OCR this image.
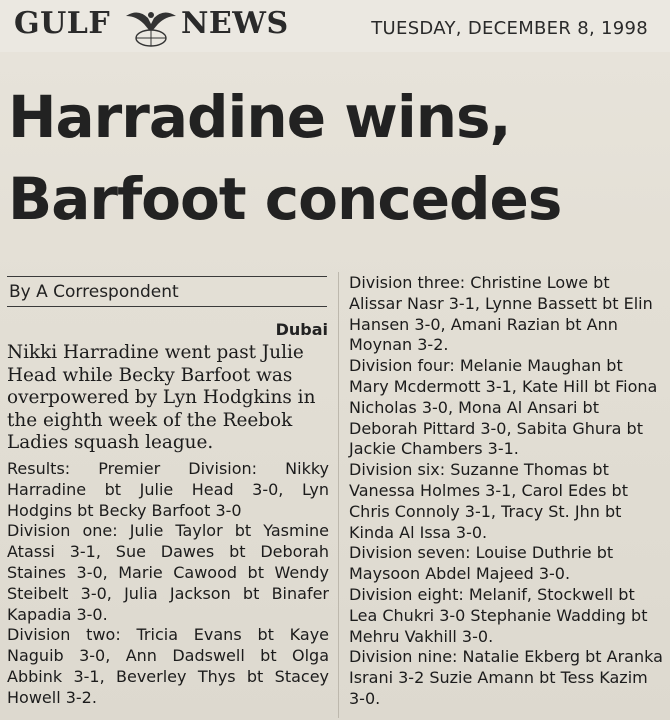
GULF NEWS	TUESDAY, DECEMBER 8, 1998
Harradine wins, Barfoot concedes
By A Correspondent
Dubai
Nikki Harradine went past Julie Head while Becky Barfoot was overpowered by Lyn Hodgkins in the eighth week of the Reebok Ladies squash league.

Results: Premier Division: Nikky Harradine bt Julie Head 3-0, Lyn Hodgins bt Becky Barfoot 3-0

Division one: Julie Taylor bt Yasmine Atassi 3-1, Sue Dawes bt Deborah Staines 3-0, Marie Cawood bt Wendy Steibelt 3-0, Julia Jackson bt Binafer Kapadia 3-0.

Division two: Tricia Evans bt Kaye Naguib 3-0, Ann Dadswell bt Olga Abbink 3-1, Beverley Thys bt Stacey Howell 3-2.

Division three: Christine Lowe bt Alissar Nasr 3-1, Lynne Bassett bt Elin Hansen 3-0, Amani Razian bt Ann Moynan 3-2.

Division four: Melanie Maughan bt Mary Mcdermott 3-1, Kate Hill bt Fiona Nicholas 3-0, Mona Al Ansari bt Deborah Pittard 3-0, Sabita Ghura bt Jackie Chambers 3-1.

Division six: Suzanne Thomas bt Vanessa Holmes 3-1, Carol Edes bt Chris Connoly 3-1, Tracy St. Jhn bt Kinda Al Issa 3-0.

Division seven: Louise Duthrie bt Maysoon Abdel Majeed 3-0.

Division eight: Melanif, Stockwell bt Lea Chukri 3-0 Stephanie Wadding bt Mehru Vakhill 3-0.

Division nine: Natalie Ekberg bt Aranka Israni 3-2 Suzie Amann bt Tess Kazim 3-0.
